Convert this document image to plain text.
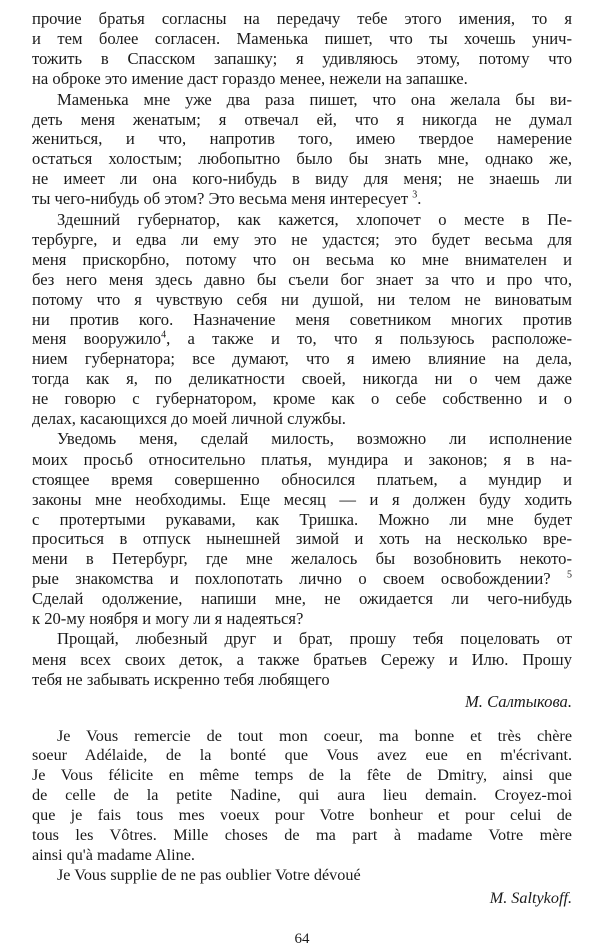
прочие братья согласны на передачу тебе этого имения, то я
и тем более согласен. Маменька пишет, что ты хочешь унич-
тожить в Спасском запашку; я удивляюсь этому, потому что
на оброке это имение даст гораздо менее, нежели на запашке.
Маменька мне уже два раза пишет, что она желала бы ви-
деть меня женатым; я отвечал ей, что я никогда не думал
жениться, и что, напротив того, имею твердое намерение
остаться холостым; любопытно было бы знать мне, однако же,
не имеет ли она кого-нибудь в виду для меня; не знаешь ли
ты чего-нибудь об этом? Это весьма меня интересует $^3$.
Здешний губернатор, как кажется, хлопочет о месте в Пе-
тербурге, и едва ли ему это не удастся; это будет весьма для
меня прискорбно, потому что он весьма ко мне внимателен и
без него меня здесь давно бы съели бог знает за что и про что,
потому что я чувствую себя ни душой, ни телом не виноватым
ни против кого. Назначение меня советником многих против
меня вооружило$^4$, а также и то, что я пользуюсь расположе-
нием губернатора; все думают, что я имею влияние на дела,
тогда как я, по деликатности своей, никогда ни о чем даже
не говорю с губернатором, кроме как о себе собственно и о
делах, касающихся до моей личной службы.
Уведомь меня, сделай милость, возможно ли исполнение
моих просьб относительно платья, мундира и законов; я в на-
стоящее время совершенно обносился платьем, а мундир и
законы мне необходимы. Еще месяц — и я должен буду ходить
с протертыми рукавами, как Тришка. Можно ли мне будет
проситься в отпуск нынешней зимой и хоть на несколько вре-
мени в Петербург, где мне желалось бы возобновить некото-
рые знакомства и похлопотать лично о своем освобождении? $^5$
Сделай одолжение, напиши мне, не ожидается ли чего-нибудь
к 20-му ноября и могу ли я надеяться?
Прощай, любезный друг и брат, прошу тебя поцеловать от
меня всех своих деток, а также братьев Сережу и Илю. Прошу
тебя не забывать искренно тебя любящего
М. Салтыкова.
Je Vous remercie de tout mon coeur, ma bonne et très chère
soeur Adélaide, de la bonté que Vous avez eue en m'écrivant.
Je Vous félicite en même temps de la fête de Dmitry, ainsi que
de celle de la petite Nadine, qui aura lieu demain. Croyez-moi
que je fais tous mes voeux pour Votre bonheur et pour celui de
tous les Vôtres. Mille choses de ma part à madame Votre mère
ainsi qu'à madame Aline.
Je Vous supplie de ne pas oublier Votre dévoué
M. Saltykoff.
64
